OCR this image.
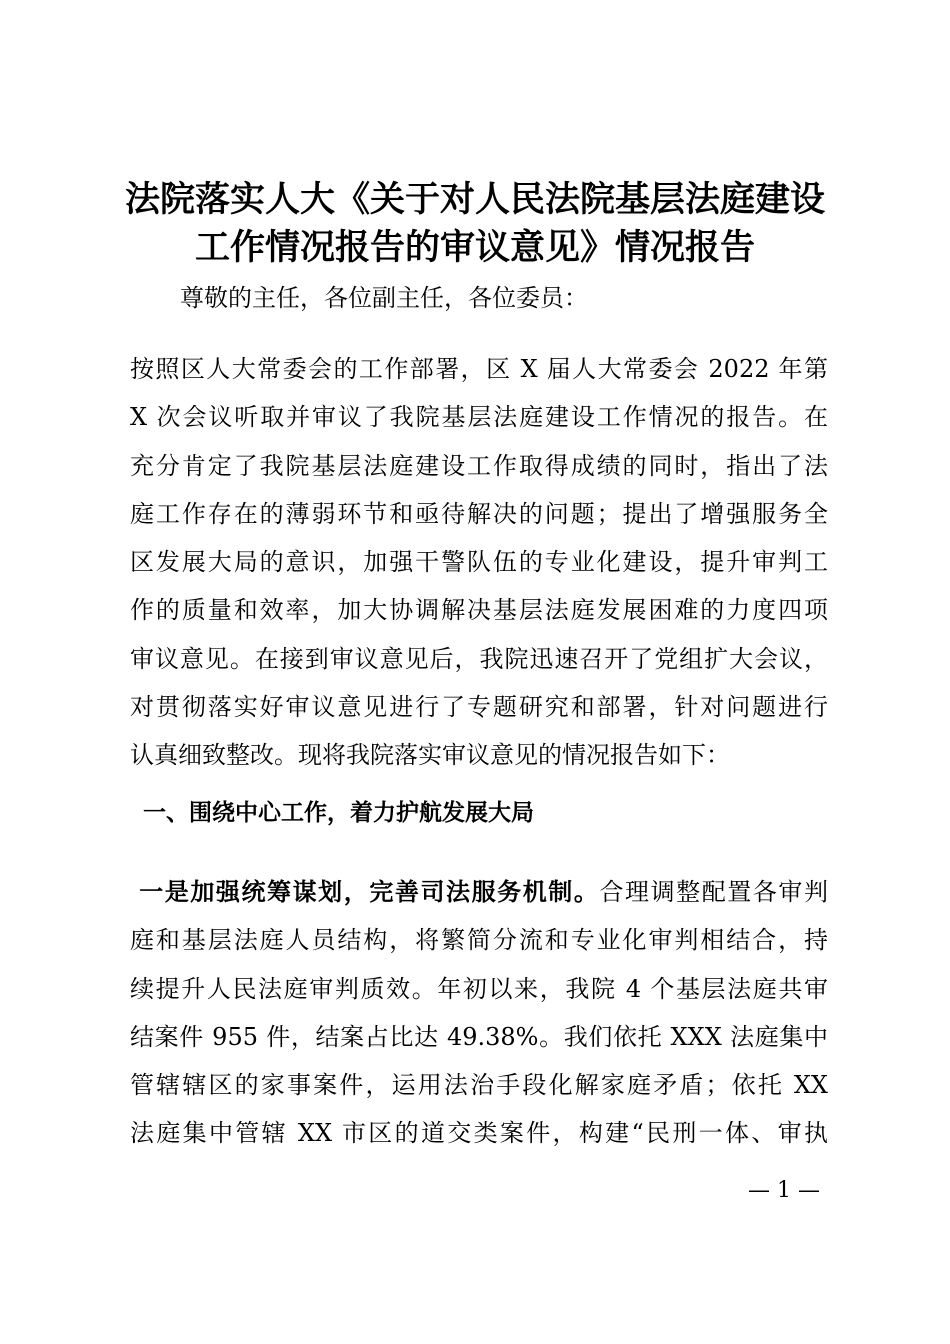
法院落实人大《关于对人民法院基层法庭建设
工作情况报告的审议意见》情况报告
尊敬的主任，各位副主任，各位委员：
按照区人大常委会的工作部署，区 X 届人大常委会 2022 年第
X 次会议听取并审议了我院基层法庭建设工作情况的报告。在
充分肯定了我院基层法庭建设工作取得成绩的同时，指出了法
庭工作存在的薄弱环节和亟待解决的问题；提出了增强服务全
区发展大局的意识，加强干警队伍的专业化建设，提升审判工
作的质量和效率，加大协调解决基层法庭发展困难的力度四项
审议意见。在接到审议意见后，我院迅速召开了党组扩大会议，
对贯彻落实好审议意见进行了专题研究和部署，针对问题进行
认真细致整改。现将我院落实审议意见的情况报告如下：
一、围绕中心工作，着力护航发展大局
一是加强统筹谋划，完善司法服务机制。合理调整配置各审判
庭和基层法庭人员结构，将繁简分流和专业化审判相结合，持
续提升人民法庭审判质效。年初以来，我院 4 个基层法庭共审
结案件 955 件，结案占比达 49.38%。我们依托 XXX 法庭集中
管辖辖区的家事案件，运用法治手段化解家庭矛盾；依托 XX
法庭集中管辖 XX 市区的道交类案件，构建“民刑一体、审执
— 1 —
